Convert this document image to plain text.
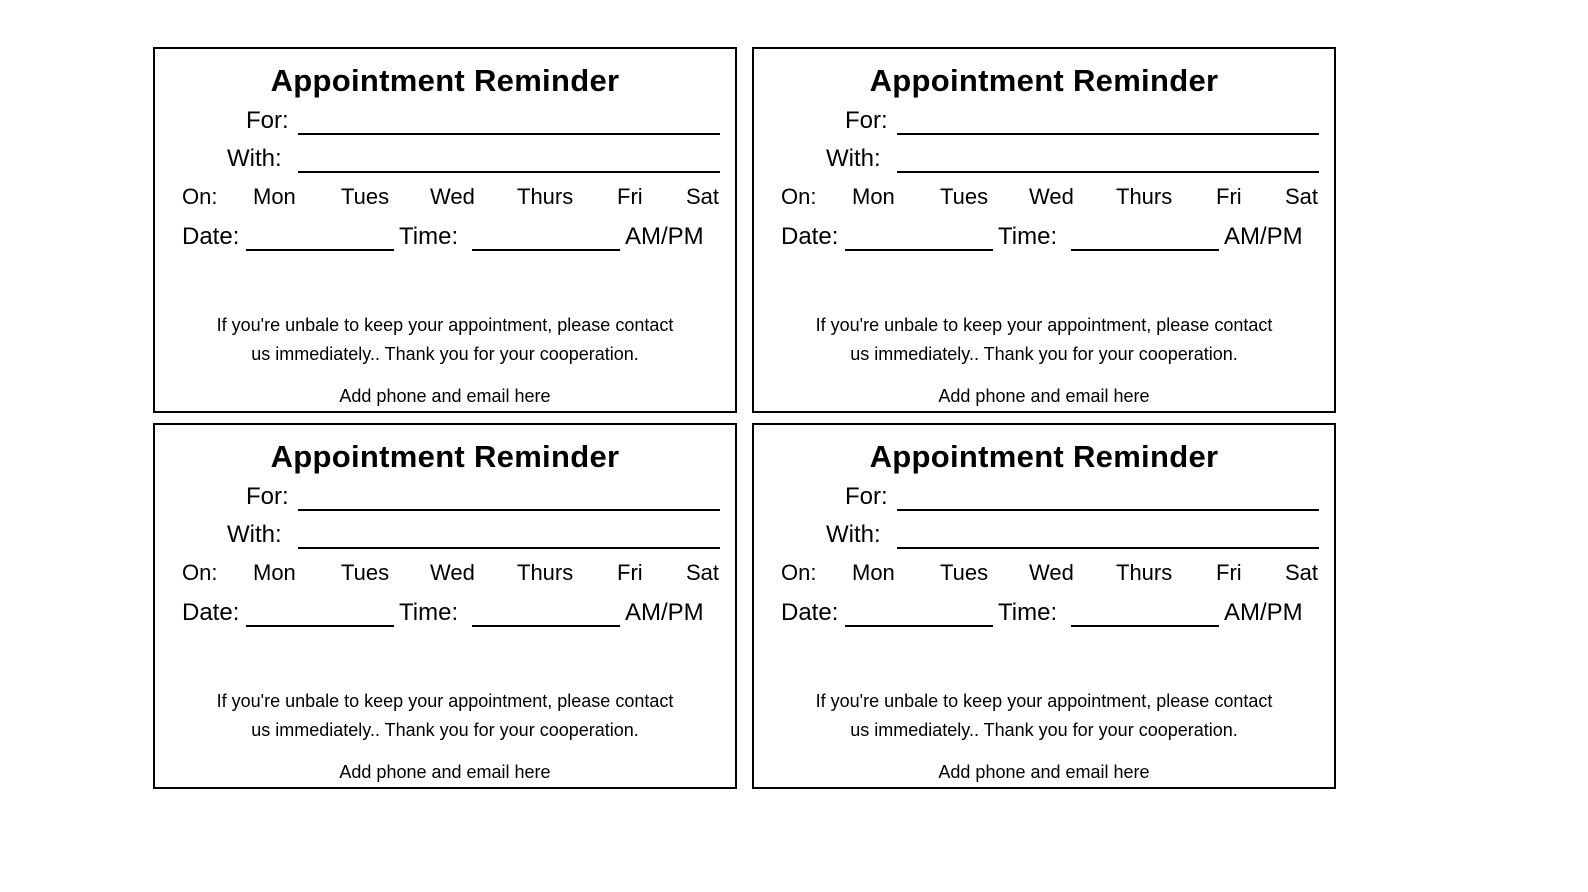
Appointment Reminder
For:
With:
On: Mon Tues Wed Thurs Fri Sat
Date:	Time:	AM/PM
If you're unbale to keep your appointment, please contact
us immediately.. Thank you for your cooperation.
Add phone and email here
Appointment Reminder
For:
With:
On: Mon Tues Wed Thurs Fri Sat
Date:	Time:	AM/PM
If you're unbale to keep your appointment, please contact
us immediately.. Thank you for your cooperation.
Add phone and email here
Appointment Reminder
For:
With:
On: Mon Tues Wed Thurs Fri Sat
Date:	Time:	AM/PM
If you're unbale to keep your appointment, please contact
us immediately.. Thank you for your cooperation.
Add phone and email here
Appointment Reminder
For:
With:
On: Mon Tues Wed Thurs Fri Sat
Date:	Time:	AM/PM
If you're unbale to keep your appointment, please contact
us immediately.. Thank you for your cooperation.
Add phone and email here
